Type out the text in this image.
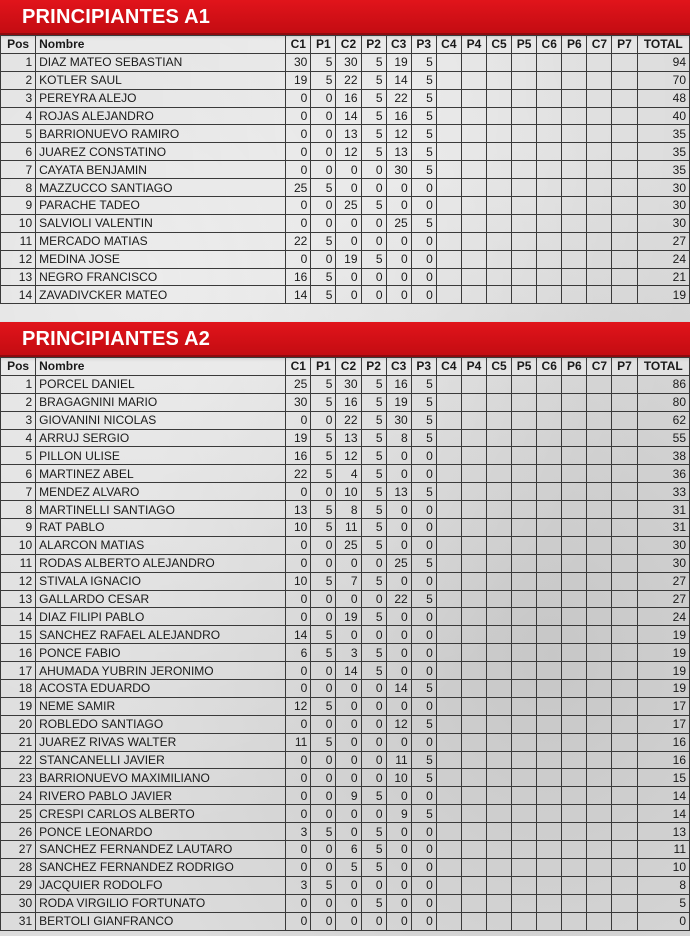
PRINCIPIANTES A1
Pos	Nombre	C1	P1	C2	P2	C3	P3	C4	P4	C5	P5	C6	P6	C7	P7	TOTAL
1	DIAZ MATEO SEBASTIAN	30	5	30	5	19	5									94
2	KOTLER SAUL	19	5	22	5	14	5									70
3	PEREYRA ALEJO	0	0	16	5	22	5									48
4	ROJAS ALEJANDRO	0	0	14	5	16	5									40
5	BARRIONUEVO RAMIRO	0	0	13	5	12	5									35
6	JUAREZ CONSTATINO	0	0	12	5	13	5									35
7	CAYATA BENJAMIN	0	0	0	0	30	5									35
8	MAZZUCCO SANTIAGO	25	5	0	0	0	0									30
9	PARACHE TADEO	0	0	25	5	0	0									30
10	SALVIOLI VALENTIN	0	0	0	0	25	5									30
11	MERCADO MATIAS	22	5	0	0	0	0									27
12	MEDINA JOSE	0	0	19	5	0	0									24
13	NEGRO FRANCISCO	16	5	0	0	0	0									21
14	ZAVADIVCKER MATEO	14	5	0	0	0	0									19
PRINCIPIANTES A2
Pos	Nombre	C1	P1	C2	P2	C3	P3	C4	P4	C5	P5	C6	P6	C7	P7	TOTAL
1	PORCEL DANIEL	25	5	30	5	16	5									86
2	BRAGAGNINI MARIO	30	5	16	5	19	5									80
3	GIOVANINI NICOLAS	0	0	22	5	30	5									62
4	ARRUJ SERGIO	19	5	13	5	8	5									55
5	PILLON ULISE	16	5	12	5	0	0									38
6	MARTINEZ ABEL	22	5	4	5	0	0									36
7	MENDEZ ALVARO	0	0	10	5	13	5									33
8	MARTINELLI SANTIAGO	13	5	8	5	0	0									31
9	RAT PABLO	10	5	11	5	0	0									31
10	ALARCON MATIAS	0	0	25	5	0	0									30
11	RODAS ALBERTO ALEJANDRO	0	0	0	0	25	5									30
12	STIVALA IGNACIO	10	5	7	5	0	0									27
13	GALLARDO CESAR	0	0	0	0	22	5									27
14	DIAZ FILIPI PABLO	0	0	19	5	0	0									24
15	SANCHEZ RAFAEL ALEJANDRO	14	5	0	0	0	0									19
16	PONCE FABIO	6	5	3	5	0	0									19
17	AHUMADA YUBRIN JERONIMO	0	0	14	5	0	0									19
18	ACOSTA EDUARDO	0	0	0	0	14	5									19
19	NEME SAMIR	12	5	0	0	0	0									17
20	ROBLEDO SANTIAGO	0	0	0	0	12	5									17
21	JUAREZ RIVAS WALTER	11	5	0	0	0	0									16
22	STANCANELLI JAVIER	0	0	0	0	11	5									16
23	BARRIONUEVO MAXIMILIANO	0	0	0	0	10	5									15
24	RIVERO PABLO JAVIER	0	0	9	5	0	0									14
25	CRESPI CARLOS ALBERTO	0	0	0	0	9	5									14
26	PONCE LEONARDO	3	5	0	5	0	0									13
27	SANCHEZ FERNANDEZ LAUTARO	0	0	6	5	0	0									11
28	SANCHEZ FERNANDEZ RODRIGO	0	0	5	5	0	0									10
29	JACQUIER RODOLFO	3	5	0	0	0	0									8
30	RODA VIRGILIO FORTUNATO	0	0	0	5	0	0									5
31	BERTOLI GIANFRANCO	0	0	0	0	0	0									0
